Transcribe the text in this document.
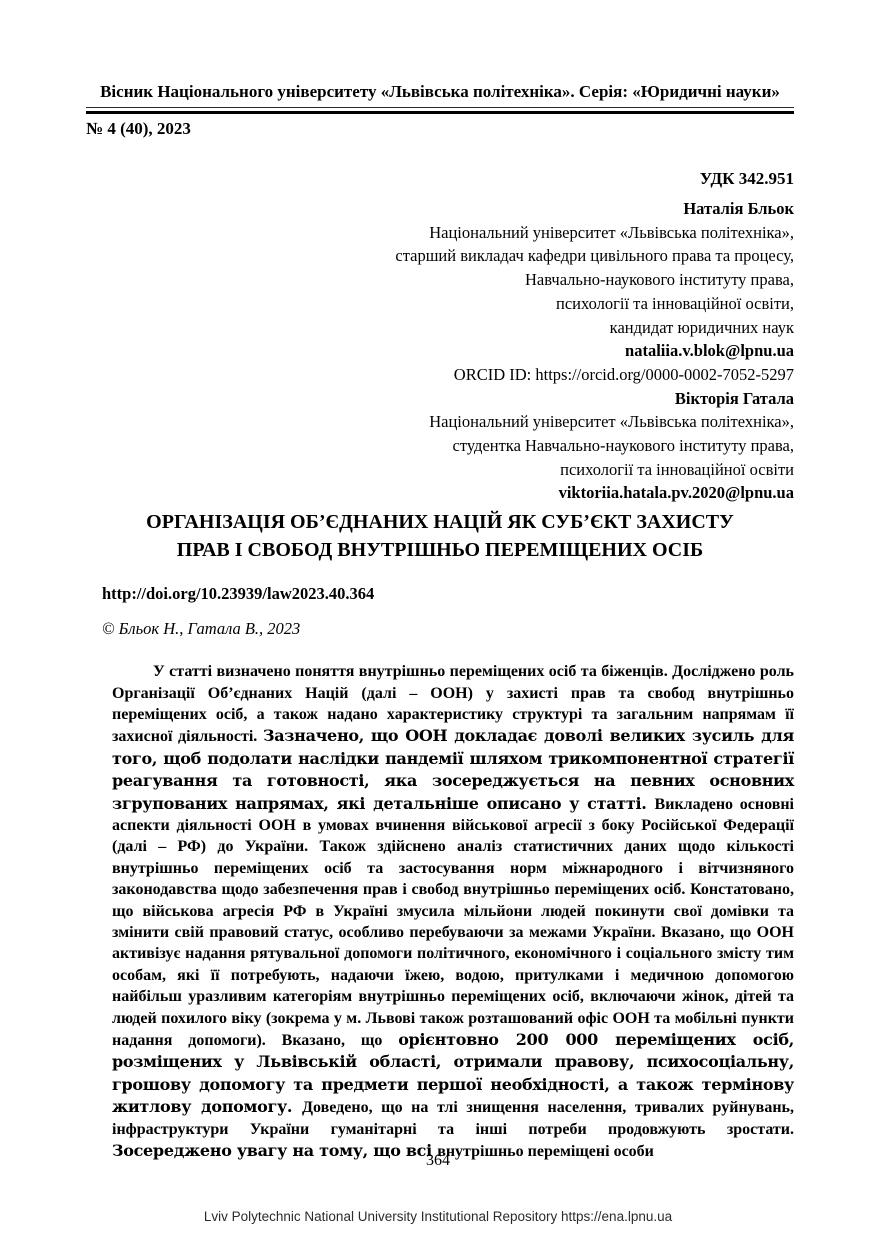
Вісник Національного університету «Львівська політехніка». Серія: «Юридичні науки»
№ 4 (40), 2023
УДК 342.951
Наталія Бльок
Національний університет «Львівська політехніка»,
старший викладач кафедри цивільного права та процесу,
Навчально-наукового інституту права,
психології та інноваційної освіти,
кандидат юридичних наук
nataliia.v.blok@lpnu.ua
ORCID ID: https://orcid.org/0000-0002-7052-5297
Вікторія Гатала
Національний університет «Львівська політехніка»,
студентка Навчально-наукового інституту права,
психології та інноваційної освіти
viktoriia.hatala.pv.2020@lpnu.ua
ОРГАНІЗАЦІЯ ОБ’ЄДНАНИХ НАЦІЙ ЯК СУБ’ЄКТ ЗАХИСТУ
ПРАВ І СВОБОД ВНУТРІШНЬО ПЕРЕМІЩЕНИХ ОСІБ
http://doi.org/10.23939/law2023.40.364
© Бльок Н., Гатала В., 2023

У статті визначено поняття внутрішньо переміщених осіб та біженців. Досліджено роль Організації Об’єднаних Націй (далі – ООН) у захисті прав та свобод внутрішньо переміщених осіб, а також надано характеристику структурі та загальним напрямам її захисної діяльності. Зазначено, що ООН докладає доволі великих зусиль для того, щоб подолати наслідки пандемії шляхом трикомпонентної стратегії реагування та готовності, яка зосереджується на певних основних згрупованих напрямах, які детальніше описано у статті. Викладено основні аспекти діяльності ООН в умовах вчинення військової агресії з боку Російської Федерації (далі – РФ) до України. Також здійснено аналіз статистичних даних щодо кількості внутрішньо переміщених осіб та застосування норм міжнародного і вітчизняного законодавства щодо забезпечення прав і свобод внутрішньо переміщених осіб. Констатовано, що військова агресія РФ в Україні змусила мільйони людей покинути свої домівки та змінити свій правовий статус, особливо перебуваючи за межами України. Вказано, що ООН активізує надання рятувальної допомоги політичного, економічного і соціального змісту тим особам, які її потребують, надаючи їжею, водою, притулками і медичною допомогою найбільш уразливим категоріям внутрішньо переміщених осіб, включаючи жінок, дітей та людей похилого віку (зокрема у м. Львові також розташований офіс ООН та мобільні пункти надання допомоги). Вказано, що орієнтовно 200 000 переміщених осіб, розміщених у Львівській області, отримали правову, психосоціальну, грошову допомогу та предмети першої необхідності, а також термінову житлову допомогу. Доведено, що на тлі знищення населення, тривалих руйнувань, інфраструктури України гуманітарні та інші потреби продовжують зростати. Зосереджено увагу на тому, що всі внутрішньо переміщені особи

364
Lviv Polytechnic National University Institutional Repository https://ena.lpnu.ua
